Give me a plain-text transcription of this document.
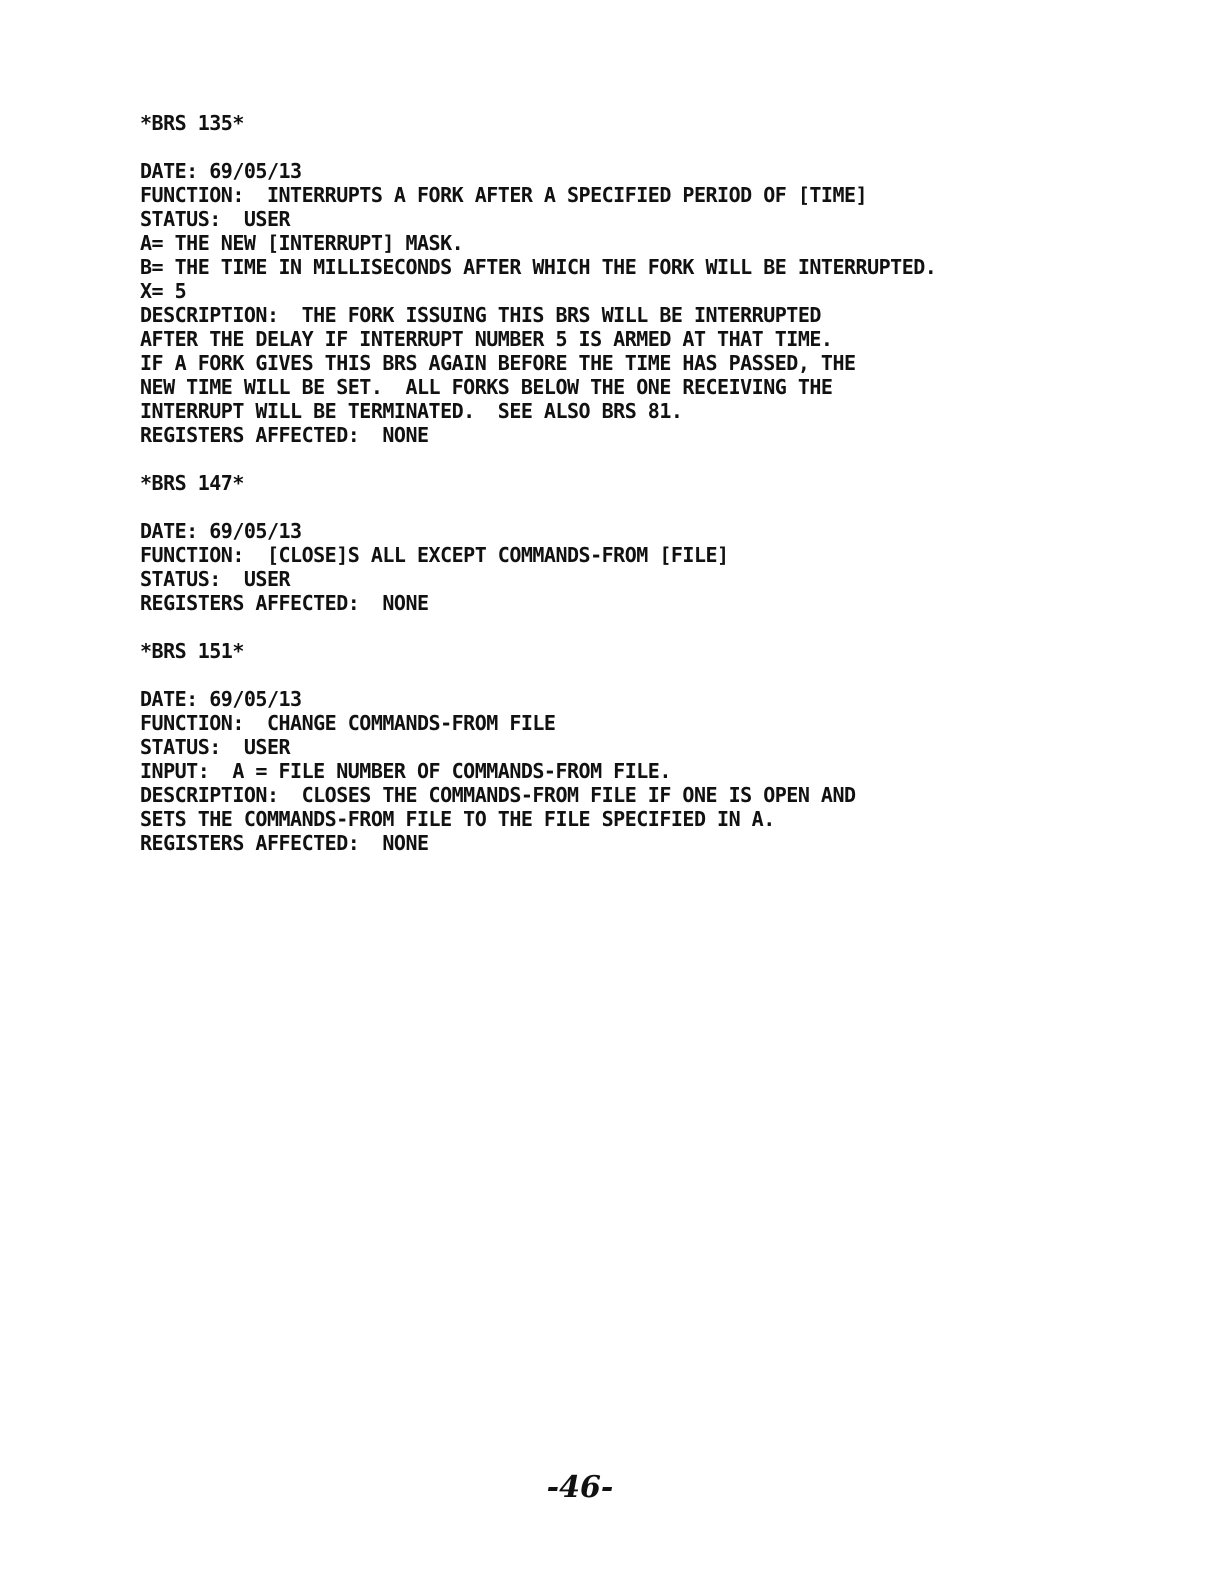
*BRS 135*
DATE: 69/05/13
FUNCTION:  INTERRUPTS A FORK AFTER A SPECIFIED PERIOD OF [TIME]
STATUS:  USER
A= THE NEW [INTERRUPT] MASK.
B= THE TIME IN MILLISECONDS AFTER WHICH THE FORK WILL BE INTERRUPTED.
X= 5
DESCRIPTION:  THE FORK ISSUING THIS BRS WILL BE INTERRUPTED
AFTER THE DELAY IF INTERRUPT NUMBER 5 IS ARMED AT THAT TIME.
IF A FORK GIVES THIS BRS AGAIN BEFORE THE TIME HAS PASSED, THE
NEW TIME WILL BE SET.  ALL FORKS BELOW THE ONE RECEIVING THE
INTERRUPT WILL BE TERMINATED.  SEE ALSO BRS 81.
REGISTERS AFFECTED:  NONE
*BRS 147*
DATE: 69/05/13
FUNCTION:  [CLOSE]S ALL EXCEPT COMMANDS-FROM [FILE]
STATUS:  USER
REGISTERS AFFECTED:  NONE
*BRS 151*
DATE: 69/05/13
FUNCTION:  CHANGE COMMANDS-FROM FILE
STATUS:  USER
INPUT:  A = FILE NUMBER OF COMMANDS-FROM FILE.
DESCRIPTION:  CLOSES THE COMMANDS-FROM FILE IF ONE IS OPEN AND
SETS THE COMMANDS-FROM FILE TO THE FILE SPECIFIED IN A.
REGISTERS AFFECTED:  NONE
-46-
